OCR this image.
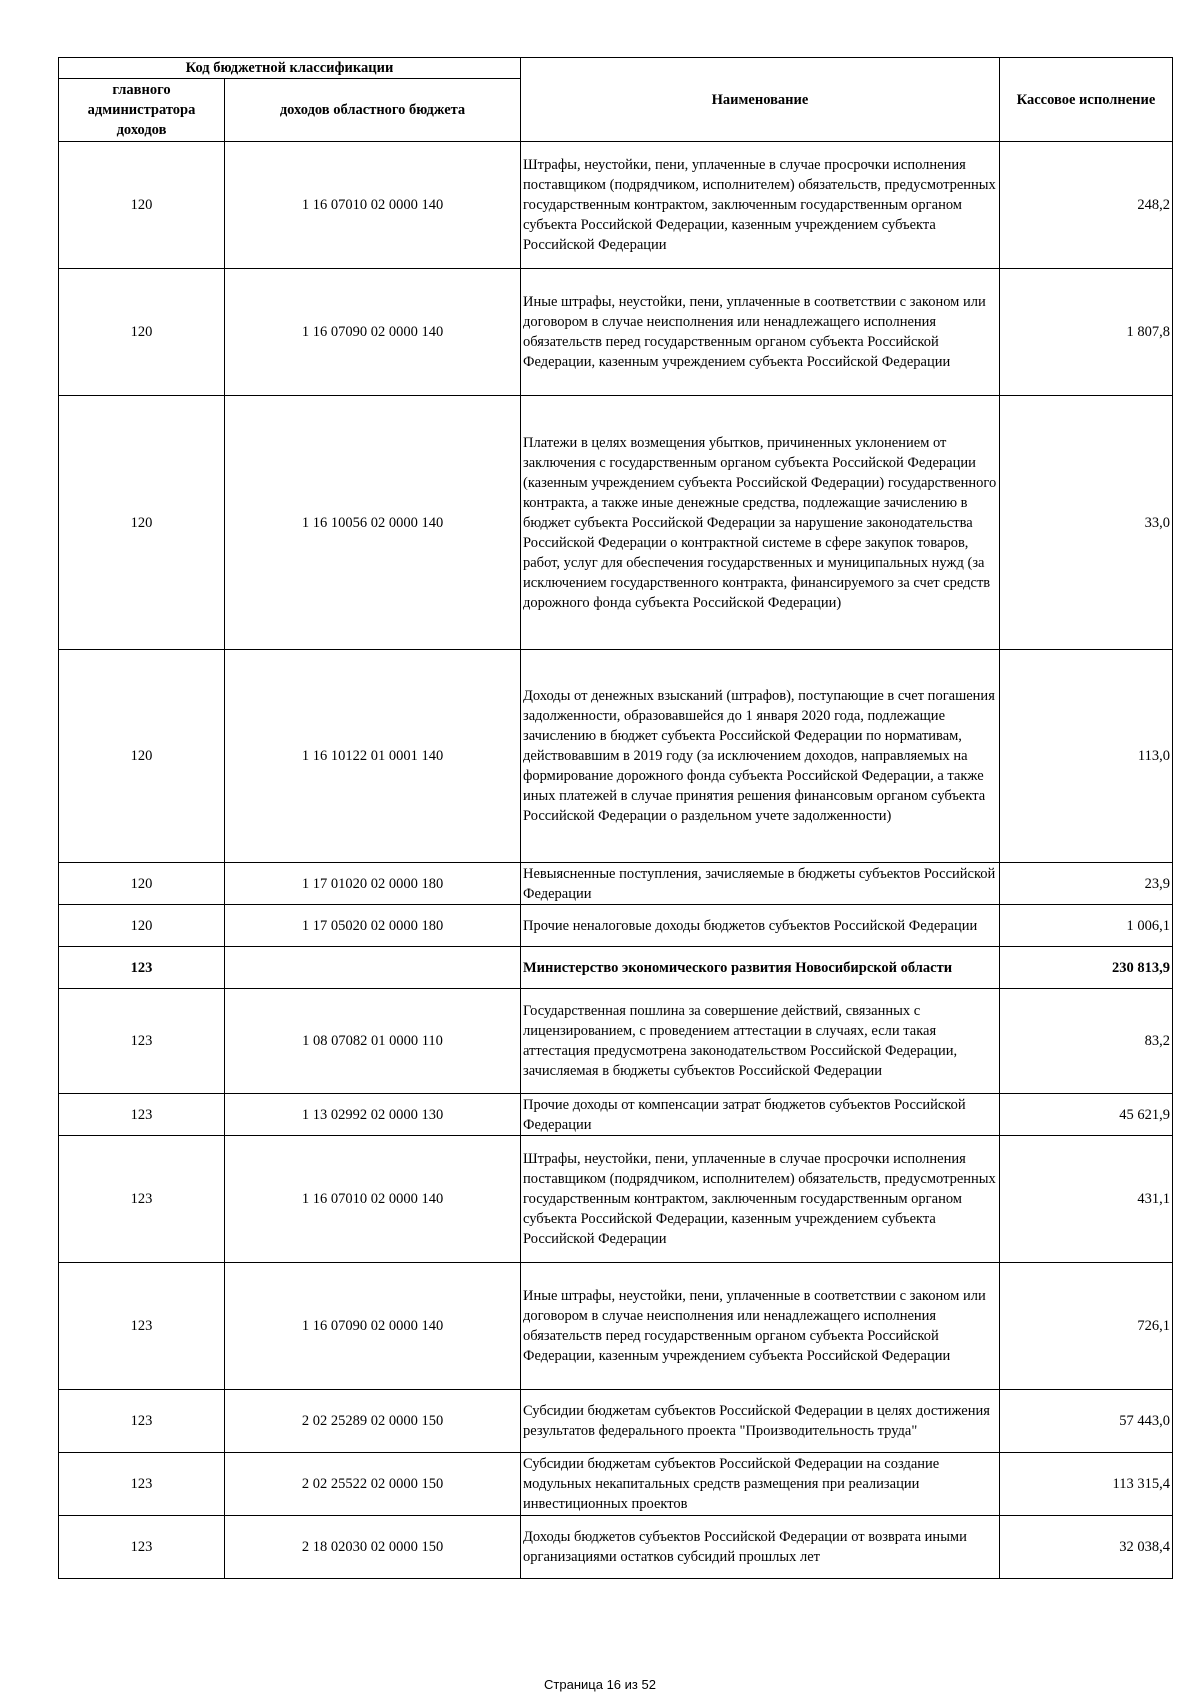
Код бюджетной классификации		Наименование	Кассовое исполнение
главного администратора доходов	доходов областного бюджета		
120	1 16 07010 02 0000 140	Штрафы, неустойки, пени, уплаченные в случае просрочки исполнения поставщиком (подрядчиком, исполнителем) обязательств, предусмотренных государственным контрактом, заключенным государственным органом субъекта Российской Федерации, казенным учреждением субъекта Российской Федерации	248,2
120	1 16 07090 02 0000 140	Иные штрафы, неустойки, пени, уплаченные в соответствии с законом или договором в случае неисполнения или ненадлежащего исполнения обязательств перед государственным органом субъекта Российской Федерации, казенным учреждением субъекта Российской Федерации	1 807,8
120	1 16 10056 02 0000 140	Платежи в целях возмещения убытков, причиненных уклонением от заключения с государственным органом субъекта Российской Федерации (казенным учреждением субъекта Российской Федерации) государственного контракта, а также иные денежные средства, подлежащие зачислению в бюджет субъекта Российской Федерации за нарушение законодательства Российской Федерации о контрактной системе в сфере закупок товаров, работ, услуг для обеспечения государственных и муниципальных нужд (за исключением государственного контракта, финансируемого за счет средств дорожного фонда субъекта Российской Федерации)	33,0
120	1 16 10122 01 0001 140	Доходы от денежных взысканий (штрафов), поступающие в счет погашения задолженности, образовавшейся до 1 января 2020 года, подлежащие зачислению в бюджет субъекта Российской Федерации по нормативам, действовавшим в 2019 году (за исключением доходов, направляемых на формирование дорожного фонда субъекта Российской Федерации, а также иных платежей в случае принятия решения финансовым органом субъекта Российской Федерации о раздельном учете задолженности)	113,0
120	1 17 01020 02 0000 180	Невыясненные поступления, зачисляемые в бюджеты субъектов Российской Федерации	23,9
120	1 17 05020 02 0000 180	Прочие неналоговые доходы бюджетов субъектов Российской Федерации	1 006,1
123		Министерство экономического развития Новосибирской области	230 813,9
123	1 08 07082 01 0000 110	Государственная пошлина за совершение действий, связанных с лицензированием, с проведением аттестации в случаях, если такая аттестация предусмотрена законодательством Российской Федерации, зачисляемая в бюджеты субъектов Российской Федерации	83,2
123	1 13 02992 02 0000 130	Прочие доходы от компенсации затрат бюджетов субъектов Российской Федерации	45 621,9
123	1 16 07010 02 0000 140	Штрафы, неустойки, пени, уплаченные в случае просрочки исполнения поставщиком (подрядчиком, исполнителем) обязательств, предусмотренных государственным контрактом, заключенным государственным органом субъекта Российской Федерации, казенным учреждением субъекта Российской Федерации	431,1
123	1 16 07090 02 0000 140	Иные штрафы, неустойки, пени, уплаченные в соответствии с законом или договором в случае неисполнения или ненадлежащего исполнения обязательств перед государственным органом субъекта Российской Федерации, казенным учреждением субъекта Российской Федерации	726,1
123	2 02 25289 02 0000 150	Субсидии бюджетам субъектов Российской Федерации в целях достижения результатов федерального проекта "Производительность труда"	57 443,0
123	2 02 25522 02 0000 150	Субсидии бюджетам субъектов Российской Федерации на создание модульных некапитальных средств размещения при реализации инвестиционных проектов	113 315,4
123	2 18 02030 02 0000 150	Доходы бюджетов субъектов Российской Федерации от возврата иными организациями остатков субсидий прошлых лет	32 038,4
Страница 16 из 52
